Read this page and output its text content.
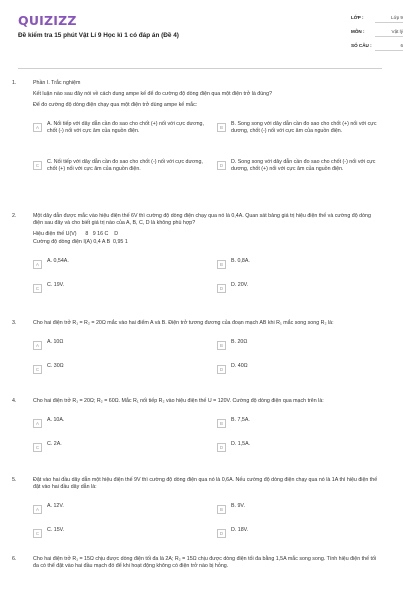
QUIZIZZ
Đề kiểm tra 15 phút Vật Lí 9 Học kì 1 có đáp án (Đề 4)
LỚP :	Lớp 9
MÔN :	Vật lý
SỐ CÂU :	6
1.	Phần I. Trắc nghiệm
Kết luận nào sau đây nói về cách dung ampe kế để đo cường độ dòng điện qua một điện trở là đúng?
Để đo cường độ dòng điện chạy qua một điện trở dùng ampe kế mắc:
A
A. Nối tiếp với dây dẫn cần đo sao cho chốt (+) nối với cực dương, chốt (-) nối với cực âm của nguồn điện.
B
B. Song song với dây dẫn cần đo sao cho chốt (+) nối với cực dương, chốt (-) nối với cực âm của nguồn điện.
C
C. Nối tiếp với dây dẫn cần đo sao cho chốt (-) nối với cực dương, chốt (+) nối với cực âm của nguồn điện.
D
D. Song song với dây dẫn cần đo sao cho chốt (-) nối với cực dương, chốt (+) nối với cực âm của nguồn điện.
2.	Một dây dẫn được mắc vào hiệu điện thế 6V thì cường độ dòng điện chạy qua nó là 0,4A. Quan sát bảng giá trị hiệu điện thế và cường độ dòng điện sau đây và cho biết giá trị nào của A, B, C, D là không phù hợp?
Hiệu điện thế U(V)      8   9 16 C    D
Cường độ dòng điện I(A) 0,4 A B  0,95 1
A
A. 0,54A.
B
B. 0,8A.
C
C. 19V.
D
D. 20V.
3.	Cho hai điện trở R₁ = R₂ = 20Ω mắc vào hai điểm A và B. Điện trở tương đương của đoạn mạch AB khi R₁ mắc song song R₂ là:
A
A. 10Ω
B
B. 20Ω
C
C. 30Ω
D
D. 40Ω
4.	Cho hai điện trở R₁ = 20Ω; R₂ = 60Ω. Mắc R₁ nối tiếp R₂ vào hiệu điện thế U = 120V. Cường độ dòng điện qua mạch trên là:
A
A. 10A.
B
B. 7,5A.
C
C. 2A.
D
D. 1,5A.
5.	Đặt vào hai đầu dây dẫn một hiệu điện thế 9V thì cường độ dòng điện qua nó là 0,6A. Nếu cường độ dòng điện chạy qua nó là 1A thì hiệu điện thế đặt vào hai đầu dây dẫn là:
A
A. 12V.
B
B. 9V.
C
C. 15V.
D
D. 18V.
6.	Cho hai điện trở R₁ = 15Ω chịu được dòng điện tối đa là 2A; R₂ = 15Ω chịu được dòng điện tối đa bằng 1,5A mắc song song. Tính hiệu điện thế tối đa có thể đặt vào hai đầu mạch đó để khi hoạt động không có điện trở nào bị hỏng.
